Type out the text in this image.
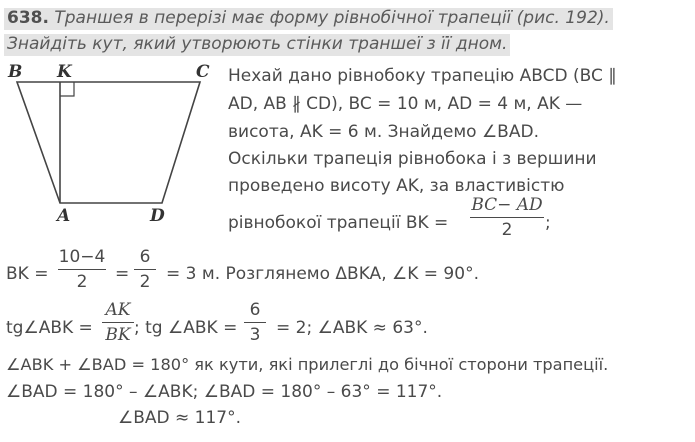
638. Траншея в перерізі має форму рівнобічної трапеції (рис. 192).
Знайдіть кут, який утворюють стінки траншеї з її дном.
B K	C
A	D
Нехай дано рівнобоку трапецію ABCD (BC ∥
AD, AB ∦ CD), BC = 10 м, AD = 4 м, AK —
висота, AK = 6 м. Знайдемо ∠BAD.
Оскільки трапеція рівнобока і з вершини
проведено висоту AK, за властивістю
рівнобокої трапеції BK =
BC− AD
2	;
BK =
10−4
2	=
6
2 = 3 м. Розглянемо ΔBKA, ∠K = 90°.
tg∠ABK =
AK
BK ; tg ∠ABK =
6
3 = 2; ∠ABK ≈ 63°.
∠ABK + ∠BAD = 180° як кути, які прилеглі до бічної сторони трапеції.
∠BAD = 180° – ∠ABK; ∠BAD = 180° – 63° = 117°.
∠BAD ≈ 117°.
